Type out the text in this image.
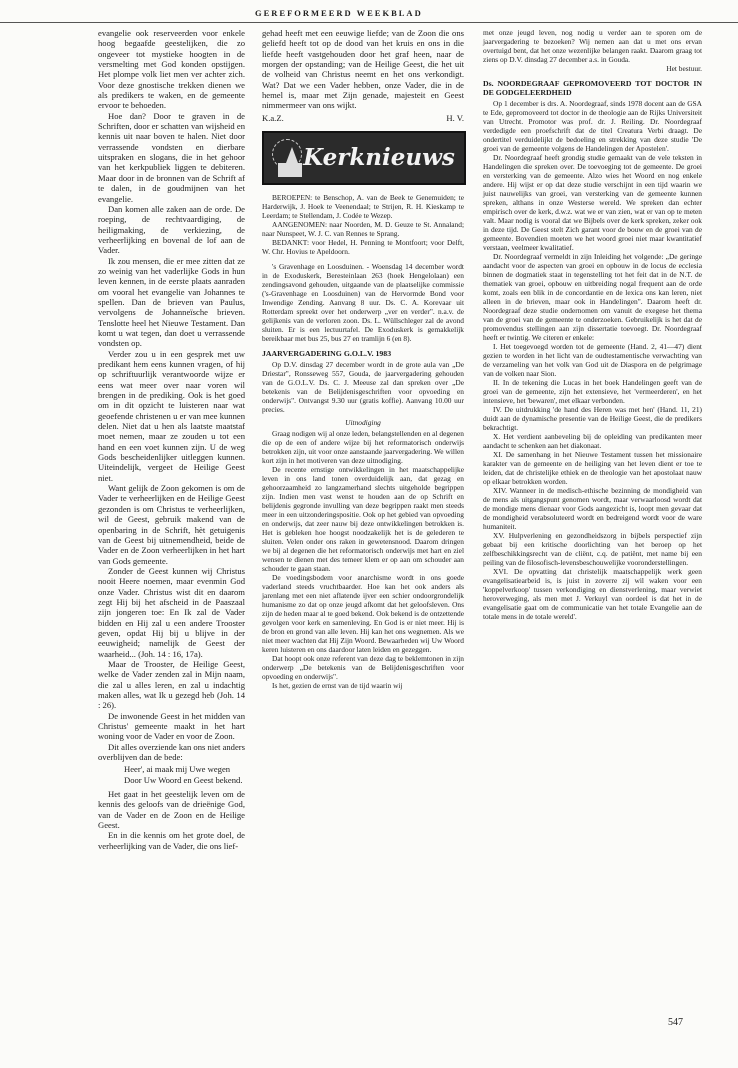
GEREFORMEERD WEEKBLAD

evangelie ook reserveerden voor enkele hoog begaafde geestelijken, die zo ongeveer tot mystieke hoogten in de versmelting met God konden opstijgen. Het plompe volk liet men ver achter zich. Voor deze gnostische trekken dienen we als predikers te waken, en de gemeente ervoor te behoeden.

Hoe dan? Door te graven in de Schriften, door er schatten van wijsheid en kennis uit naar boven te halen. Niet door verrassende vondsten en dierbare uitspraken en slogans, die in het gehoor van het kerkpubliek liggen te debiteren. Maar door in de bronnen van de Schrift af te dalen, in de goudmijnen van het evangelie.

Dan komen alle zaken aan de orde. De roeping, de rechtvaardiging, de heiligmaking, de verkiezing, de verheerlijking en bovenal de lof aan de Vader.

Ik zou mensen, die er mee zitten dat ze zo weinig van het vaderlijke Gods in hun leven kennen, in de eerste plaats aanraden om vooral het evangelie van Johannes te spellen. Dan de brieven van Paulus, vervolgens de Johanneïsche brieven. Tenslotte heel het Nieuwe Testament. Dan komt u wat tegen, dan doet u verrassende vondsten op.

Verder zou u in een gesprek met uw predikant hem eens kunnen vragen, of hij op schriftuurlijk verantwoorde wijze er eens wat meer over naar voren wil brengen in de prediking. Ook is het goed om in dit opzicht te luisteren naar wat geoefende christenen u er van mee kunnen delen. Niet dat u hen als laatste maatstaf moet nemen, maar ze zouden u tot een hand en een voet kunnen zijn. U de weg Gods bescheidenlijker uitleggen kunnen. Uiteindelijk, vergeet de Heilige Geest niet.

Want gelijk de Zoon gekomen is om de Vader te verheerlijken en de Heilige Geest gezonden is om Christus te verheerlijken, wil de Geest, gebruik makend van de openbaring in de Schrift, hèt getuigenis van de Geest bij uitnemendheid, beide de Vader en de Zoon verheerlijken in het hart van Gods gemeente.

Zonder de Geest kunnen wij Christus nooit Heere noemen, maar evenmin God onze Vader. Christus wist dit en daarom zegt Hij bij het afscheid in de Paaszaal zijn jongeren toe: En Ik zal de Vader bidden en Hij zal u een andere Trooster geven, opdat Hij bij u blijve in der eeuwigheid; namelijk de Geest der waarheid... (Joh. 14 : 16, 17a).

Maar de Trooster, de Heilige Geest, welke de Vader zenden zal in Mijn naam, die zal u alles leren, en zal u indachtig maken alles, wat Ik u gezegd heb (Joh. 14 : 26).

De inwonende Geest in het midden van Christus' gemeente maakt in het hart woning voor de Vader en voor de Zoon.

Dit alles overziende kan ons niet anders overblijven dan de bede:

Heer', ai maak mij Uwe wegen
Door Uw Woord en Geest bekend.

Het gaat in het geestelijk leven om de kennis des geloofs van de drieënige God, van de Vader en de Zoon en de Heilige Geest.

En in die kennis om het grote doel, de verheerlijking van de Vader, die ons lief-

gehad heeft met een eeuwige liefde; van de Zoon die ons geliefd heeft tot op de dood van het kruis en ons in die liefde heeft vastgehouden door het graf heen, naar de morgen der opstanding; van de Heilige Geest, die het uit de volheid van Christus neemt en het ons verkondigt. Wat? Dat we een Vader hebben, onze Vader, die in de hemel is, maar met Zijn genade, majesteit en Geest nimmermeer van ons wijkt.

K.a.Z.	H. V.
Kerknieuws

BEROEPEN: te Benschop, A. van de Beek te Genemuiden; te Harderwijk, J. Hoek te Veenendaal; te Strijen, R. H. Kieskamp te Leerdam; te Stellendam, J. Codée te Wezep.

AANGENOMEN: naar Noorden, M. D. Geuze te St. Annaland; naar Nunspeet, W. J. C. van Rennes te Sprang.

BEDANKT: voor Hedel, H. Penning te Montfoort; voor Delft, W. Chr. Hovius te Apeldoorn.

's Gravenhage en Loosduinen. - Woensdag 14 december wordt in de Exoduskerk, Beresteinlaan 263 (hoek Hengelolaan) een zendingsavond gehouden, uitgaande van de plaatselijke commissie ('s-Gravenhage en Loosduinen) van de Hervormde Bond voor Inwendige Zending. Aanvang 8 uur. Ds. C. A. Korevaar uit Rotterdam spreekt over het onderwerp „ver en verder". n.a.v. de gelijkenis van de verloren zoon. Ds. L. Wüllschleger zal de avond sluiten. Er is een lectuurtafel. De Exoduskerk is gemakkelijk bereikbaar met bus 25, bus 27 en tramlijn 6 (en 8).

JAARVERGADERING G.O.L.V. 1983

Op D.V. dinsdag 27 december wordt in de grote aula van „De Driestar", Ronsseweg 557, Gouda, de jaarvergadering gehouden van de G.O.L.V. Ds. C. J. Meeuse zal dan spreken over „De betekenis van de Belijdenisgeschriften voor opvoeding en onderwijs". Ontvangst 9.30 uur (gratis koffie). Aanvang 10.00 uur precies.

Uitnodiging

Graag nodigen wij al onze leden, belangstellenden en al degenen die op de een of andere wijze bij het reformatorisch onderwijs betrokken zijn, uit voor onze aanstaande jaarvergadering. We willen kort zijn in het motiveren van deze uitnodiging.

De recente ernstige ontwikkelingen in het maatschappelijke leven in ons land tonen overduidelijk aan, dat gezag en gehoorzaamheid zo langzamerhand slechts uitgeholde begrippen zijn. Indien men vast wenst te houden aan de op Schrift en belijdenis gegronde invulling van deze begrippen raakt men steeds meer in een uitzonderingspositie. Ook op het gebied van opvoeding en onderwijs, dat zeer nauw bij deze ontwikkelingen betrokken is. Het is gebleken hoe hoogst noodzakelijk het is de gelederen te sluiten. Velen onder ons raken in gewetensnood. Daarom dringen we bij al degenen die het reformatorisch onderwijs met hart en ziel wensen te dienen met des temeer klem er op aan om schouder aan schouder te gaan staan.

De voedingsbodem voor anarchisme wordt in ons goede vaderland steeds vruchtbaarder. Hoe kan het ook anders als jarenlang met een niet aflatende ijver een schier ondoorgrondelijk humanisme zo dat op onze jeugd afkomt dat het geloofsleven. Ons zijn de heden maar al te goed bekend. Ook bekend is de ontzettende gevolgen voor kerk en samenleving. En God is er niet meer. Hij is de bron en grond van alle leven. Hij kan het ons wegnemen. Als we niet meer wachten dat Hij Zijn Woord. Bewaarheden wij Uw Woord keren luisteren en ons daardoor laten leiden en gezeggen.

Dat hoopt ook onze referent van deze dag te beklemtonen in zijn onderwerp „De betekenis van de Belijdenisgeschriften voor opvoeding en onderwijs".

Is het, gezien de ernst van de tijd waarin wij

met onze jeugd leven, nog nodig u verder aan te sporen om de jaarvergadering te bezoeken? Wij nemen aan dat u met ons ervan overtuigd bent, dat het onze wezenlijke belangen raakt. Daarom graag tot ziens op D.V. dinsdag 27 december a.s. in Gouda.

Het bestuur.
Ds. NOORDEGRAAF GEPROMOVEERD TOT DOCTOR IN DE GODGELEERDHEID

Op 1 december is drs. A. Noordegraaf, sinds 1978 docent aan de GSA te Ede, gepromoveerd tot doctor in de theologie aan de Rijks Universiteit van Utrecht. Promotor was prof. dr. J. Reiling. Dr. Noordegraaf verdedigde een proefschrift dat de titel Creatura Verbi draagt. De ondertitel verduidelijkt de bedoeling en strekking van deze studie 'De groei van de gemeente volgens de Handelingen der Apostelen'.

Dr. Noordegraaf heeft grondig studie gemaakt van de vele teksten in Handelingen die spreken over. De toevoeging tot de gemeente. De groei en versterking van de gemeente. Alzo wies het Woord en nog enkele andere. Hij wijst er op dat deze studie verschijnt in een tijd waarin we juist nauwelijks van groei, van versterking van de gemeente kunnen spreken, althans in onze Westerse wereld. We spreken dan echter empirisch over de kerk, d.w.z. wat we er van zien, wat er van op te meten valt. Maar nodig is vooral dat we Bijbels over de kerk spreken, zeker ook in deze tijd. De Geest stelt Zich garant voor de bouw en de groei van de gemeente. Bovendien moeten we het woord groei niet maar kwantitatief verstaan, veelmeer kwalitatief.

Dr. Noordegraaf vermeldt in zijn Inleiding het volgende: „De geringe aandacht voor de aspecten van groei en opbouw in de locus de ecclesia binnen de dogmatiek staat in tegenstelling tot het feit dat in de N.T. de thematiek van groei, opbouw en uitbreiding nogal frequent aan de orde komt, zoals een blik in de concordantie en de lexica ons kan leren, niet alleen in de brieven, maar ook in Handelingen". Daarom heeft dr. Noordegraaf deze studie ondernomen om vanuit de exegese het thema van de groei van de gemeente te onderzoeken. Gebruikelijk is het dat de promovendus stellingen aan zijn dissertatie toevoegt. Dr. Noordegraaf heeft er twintig. We citeren er enkele:

I. Het toegevoegd worden tot de gemeente (Hand. 2, 41—47) dient gezien te worden in het licht van de oudtestamentische verwachting van de verzameling van het volk van God uit de Diaspora en de pelgrimage van de volken naar Sion.

II. In de tekening die Lucas in het boek Handelingen geeft van de groei van de gemeente, zijn het extensieve, het 'vermeerderen', en het intensieve, het 'bewaren', met elkaar verbonden.

IV. De uitdrukking 'de hand des Heren was met hen' (Hand. 11, 21) duidt aan de dynamische presentie van de Heilige Geest, die de predikers bekrachtigt.

X. Het verdient aanbeveling bij de opleiding van predikanten meer aandacht te schenken aan het diakonaat.

XI. De samenhang in het Nieuwe Testament tussen het missionaire karakter van de gemeente en de heiliging van het leven dient er toe te leiden, dat de christelijke ethiek en de theologie van het apostolaat nauw op elkaar betrokken worden.

XIV. Wanneer in de medisch-ethische bezinning de mondigheid van de mens als uitgangspunt genomen wordt, maar verwaarloosd wordt dat de mondige mens dienaar voor Gods aangezicht is, loopt men gevaar dat de mondigheid verabsoluteerd wordt en bedreigend wordt voor de ware humaniteit.

XV. Hulpverlening en gezondheidszorg in bijbels perspectief zijn gebaat bij een kritische doorlichting van het beroep op het zelfbeschikkingsrecht van de cliënt, c.q. de patiënt, met name bij een peiling van de filosofisch-levensbeschouwelijke vooronderstellingen.

XVI. De opvatting dat christelijk maatschappelijk werk geen evangelisatiearbeid is, is juist in zoverre zij wil waken voor een 'koppelverkoop' tussen verkondiging en dienstverlening, maar verwiet heroverweging, als men met J. Verkuyl van oordeel is dat het in de evangelisatie gaat om de communicatie van het totale Evangelie aan de totale mens in de totale wereld'.

547
